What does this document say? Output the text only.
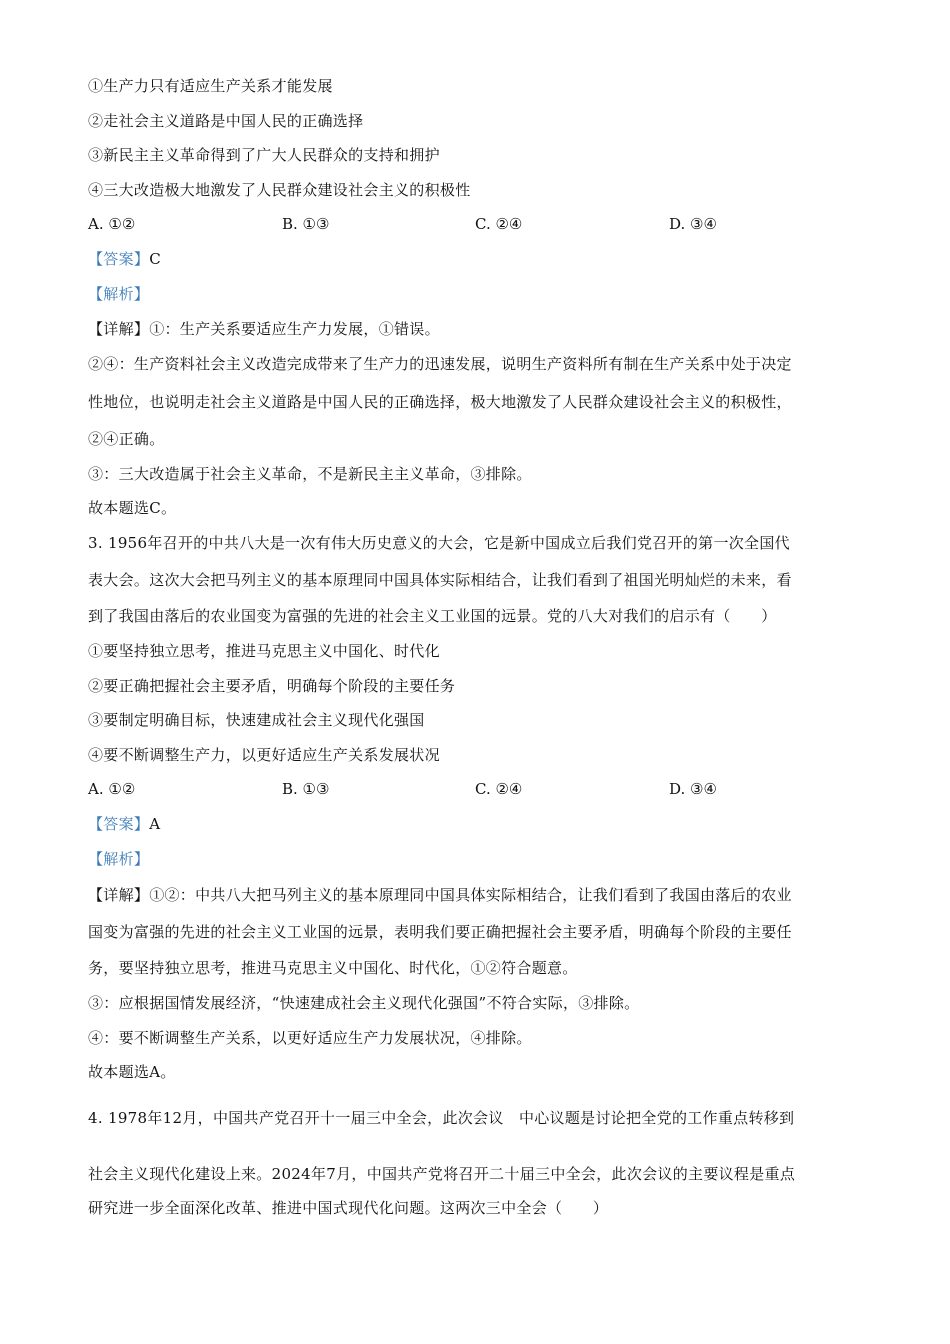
①生产力只有适应生产关系才能发展
②走社会主义道路是中国人民的正确选择
③新民主主义革命得到了广大人民群众的支持和拥护
④三大改造极大地激发了人民群众建设社会主义的积极性
A. ①②	B. ①③	C. ②④	D. ③④
【答案】C
【解析】
【详解】①：生产关系要适应生产力发展，①错误。
②④：生产资料社会主义改造完成带来了生产力的迅速发展，说明生产资料所有制在生产关系中处于决定
性地位，也说明走社会主义道路是中国人民的正确选择，极大地激发了人民群众建设社会主义的积极性，
②④正确。
③：三大改造属于社会主义革命，不是新民主主义革命，③排除。
故本题选C。
3. 1956年召开的中共八大是一次有伟大历史意义的大会，它是新中国成立后我们党召开的第一次全国代
表大会。这次大会把马列主义的基本原理同中国具体实际相结合，让我们看到了祖国光明灿烂的未来，看
到了我国由落后的农业国变为富强的先进的社会主义工业国的远景。党的八大对我们的启示有（　　）
①要坚持独立思考，推进马克思主义中国化、时代化
②要正确把握社会主要矛盾，明确每个阶段的主要任务
③要制定明确目标，快速建成社会主义现代化强国
④要不断调整生产力，以更好适应生产关系发展状况
A. ①②	B. ①③	C. ②④	D. ③④
【答案】A
【解析】
【详解】①②：中共八大把马列主义的基本原理同中国具体实际相结合，让我们看到了我国由落后的农业
国变为富强的先进的社会主义工业国的远景，表明我们要正确把握社会主要矛盾，明确每个阶段的主要任
务，要坚持独立思考，推进马克思主义中国化、时代化，①②符合题意。
③：应根据国情发展经济，“快速建成社会主义现代化强国”不符合实际，③排除。
④：要不断调整生产关系，以更好适应生产力发展状况，④排除。
故本题选A。
4. 1978年12月，中国共产党召开十一届三中全会，此次会议　中心议题是讨论把全党的工作重点转移到
社会主义现代化建设上来。2024年7月，中国共产党将召开二十届三中全会，此次会议的主要议程是重点
研究进一步全面深化改革、推进中国式现代化问题。这两次三中全会（　　）
